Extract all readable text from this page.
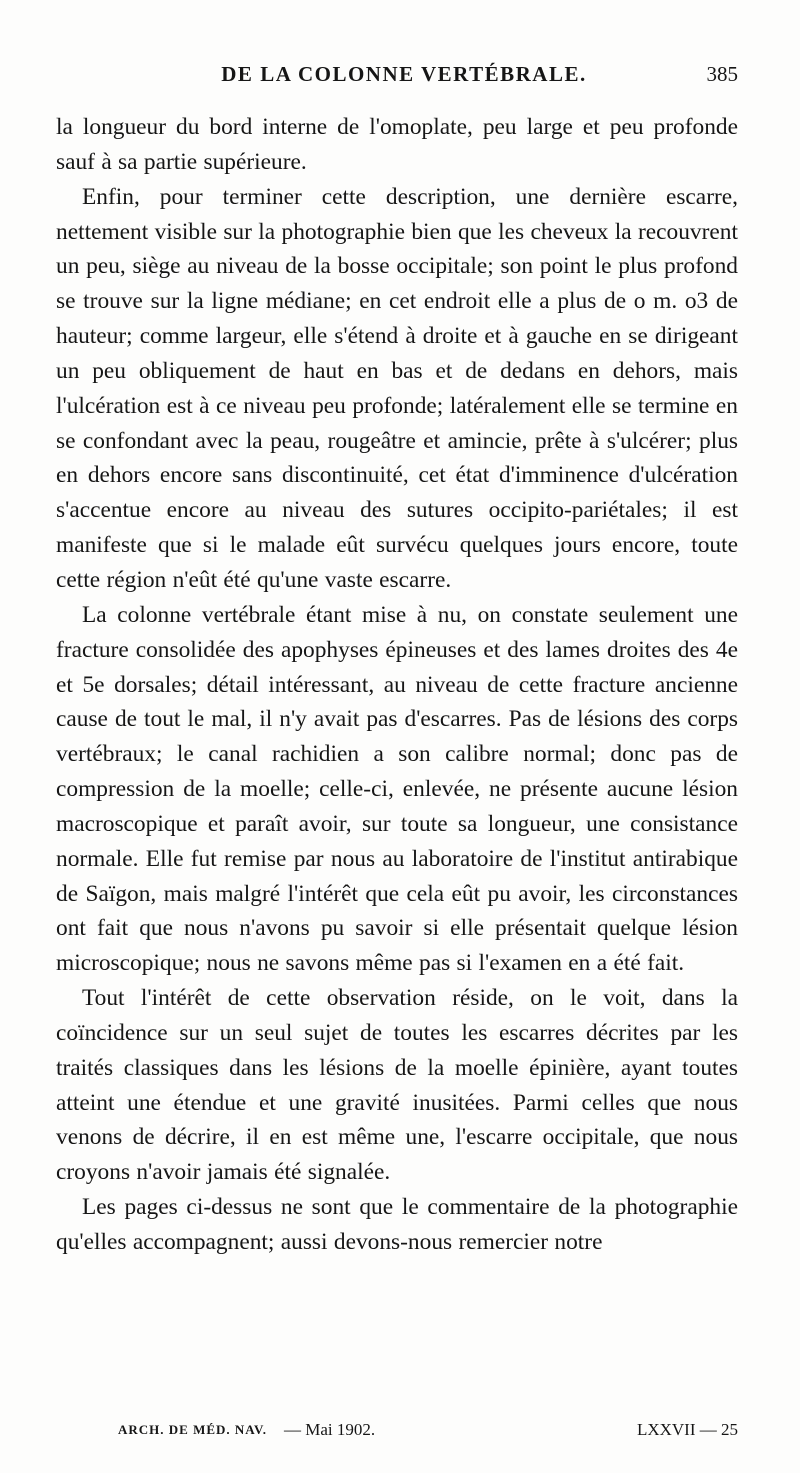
DE LA COLONNE VERTÉBRALE.	385

la longueur du bord interne de l'omoplate, peu large et peu profonde sauf à sa partie supérieure.

Enfin, pour terminer cette description, une dernière escarre, nettement visible sur la photographie bien que les cheveux la recouvrent un peu, siège au niveau de la bosse occipitale; son point le plus profond se trouve sur la ligne médiane; en cet endroit elle a plus de o m. o3 de hauteur; comme largeur, elle s'étend à droite et à gauche en se dirigeant un peu obliquement de haut en bas et de dedans en dehors, mais l'ulcération est à ce niveau peu profonde; latéralement elle se termine en se confondant avec la peau, rougeâtre et amincie, prête à s'ulcérer; plus en dehors encore sans discontinuité, cet état d'imminence d'ulcération s'accentue encore au niveau des sutures occipito-pariétales; il est manifeste que si le malade eût survécu quelques jours encore, toute cette région n'eût été qu'une vaste escarre.

La colonne vertébrale étant mise à nu, on constate seulement une fracture consolidée des apophyses épineuses et des lames droites des 4e et 5e dorsales; détail intéressant, au niveau de cette fracture ancienne cause de tout le mal, il n'y avait pas d'escarres. Pas de lésions des corps vertébraux; le canal rachidien a son calibre normal; donc pas de compression de la moelle; celle-ci, enlevée, ne présente aucune lésion macroscopique et paraît avoir, sur toute sa longueur, une consistance normale. Elle fut remise par nous au laboratoire de l'institut antirabique de Saïgon, mais malgré l'intérêt que cela eût pu avoir, les circonstances ont fait que nous n'avons pu savoir si elle présentait quelque lésion microscopique; nous ne savons même pas si l'examen en a été fait.

Tout l'intérêt de cette observation réside, on le voit, dans la coïncidence sur un seul sujet de toutes les escarres décrites par les traités classiques dans les lésions de la moelle épinière, ayant toutes atteint une étendue et une gravité inusitées. Parmi celles que nous venons de décrire, il en est même une, l'escarre occipitale, que nous croyons n'avoir jamais été signalée.

Les pages ci-dessus ne sont que le commentaire de la photographie qu'elles accompagnent; aussi devons-nous remercier notre

ARCH. DE MÉD. NAV. — Mai 1902.	LXXVII — 25
